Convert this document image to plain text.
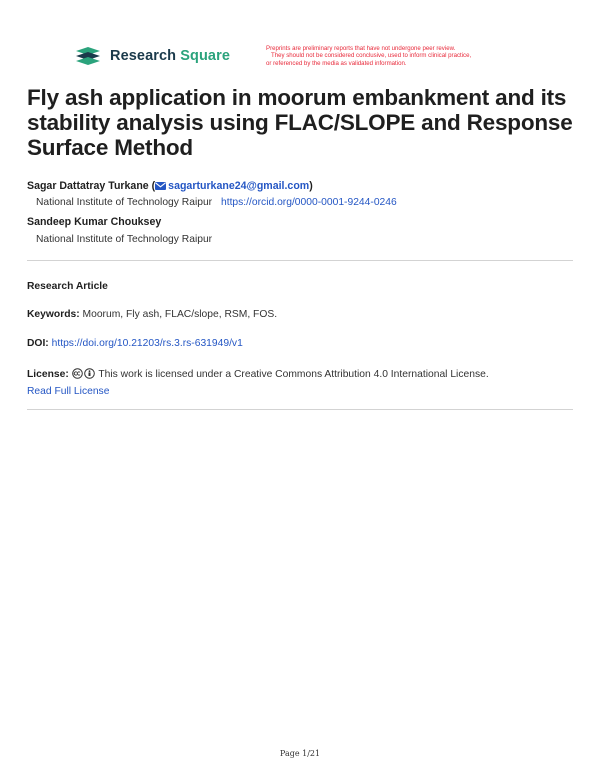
Research Square	Preprints are preliminary reports that have not undergone peer review.
They should not be considered conclusive, used to inform clinical practice,
or referenced by the media as validated information.
Fly ash application in moorum embankment and its stability analysis using FLAC/SLOPE and Response Surface Method
Sagar Dattatray Turkane ( sagarturkane24@gmail.com)
National Institute of Technology Raipur https://orcid.org/0000-0001-9244-0246
Sandeep Kumar Chouksey
National Institute of Technology Raipur
Research Article
Keywords: Moorum, Fly ash, FLAC/slope, RSM, FOS.
DOI: https://doi.org/10.21203/rs.3.rs-631949/v1
License:	This work is licensed under a Creative Commons Attribution 4.0 International License.
Read Full License
Page 1/21
